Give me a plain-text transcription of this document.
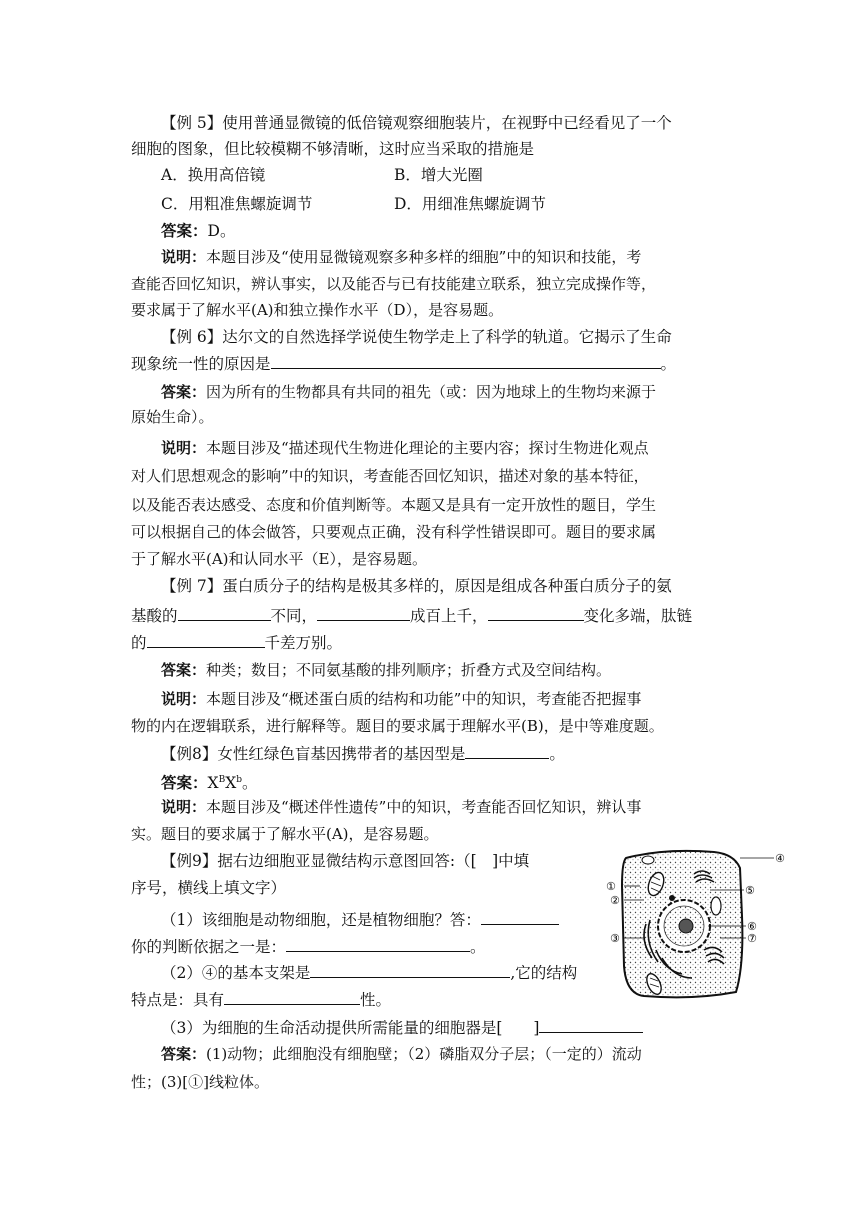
【例 5】使用普通显微镜的低倍镜观察细胞装片，在视野中已经看见了一个
细胞的图象，但比较模糊不够清晰，这时应当采取的措施是
A．换用高倍镜	B．增大光圈
C．用粗准焦螺旋调节	D．用细准焦螺旋调节
答案：D。
说明：本题目涉及“使用显微镜观察多种多样的细胞”中的知识和技能，考
查能否回忆知识，辨认事实，以及能否与已有技能建立联系，独立完成操作等，
要求属于了解水平(A)和独立操作水平（D），是容易题。
【例 6】达尔文的自然选择学说使生物学走上了科学的轨道。它揭示了生命
现象统一性的原因是	。
答案：因为所有的生物都具有共同的祖先（或：因为地球上的生物均来源于
原始生命）。
说明：本题目涉及“描述现代生物进化理论的主要内容；探讨生物进化观点
对人们思想观念的影响”中的知识，考查能否回忆知识，描述对象的基本特征，
以及能否表达感受、态度和价值判断等。本题又是具有一定开放性的题目，学生
可以根据自己的体会做答，只要观点正确，没有科学性错误即可。题目的要求属
于了解水平(A)和认同水平（E），是容易题。
【例 7】蛋白质分子的结构是极其多样的，原因是组成各种蛋白质分子的氨
基酸的	不同，	成百上千，	变化多端，肽链
的	千差万别。
答案：种类；数目；不同氨基酸的排列顺序；折叠方式及空间结构。
说明：本题目涉及“概述蛋白质的结构和功能”中的知识，考查能否把握事
物的内在逻辑联系，进行解释等。题目的要求属于理解水平(B)，是中等难度题。
【例8】女性红绿色盲基因携带者的基因型是	。
答案：$X^BX^b$。
说明：本题目涉及“概述伴性遗传”中的知识，考查能否回忆知识，辨认事
实。题目的要求属于了解水平(A)，是容易题。
【例9】据右边细胞亚显微结构示意图回答:（[　]中填
序号，横线上填文字）
（1）该细胞是动物细胞，还是植物细胞？答：
你的判断依据之一是：	。
（2）④的基本支架是	,它的结构
特点是：具有	性。
（3）为细胞的生命活动提供所需能量的细胞器是[　　]
答案：(1)动物；此细胞没有细胞壁；（2）磷脂双分子层；（一定的）流动
性；(3)[①]线粒体。
①
②
③
④
⑤
⑥
⑦
